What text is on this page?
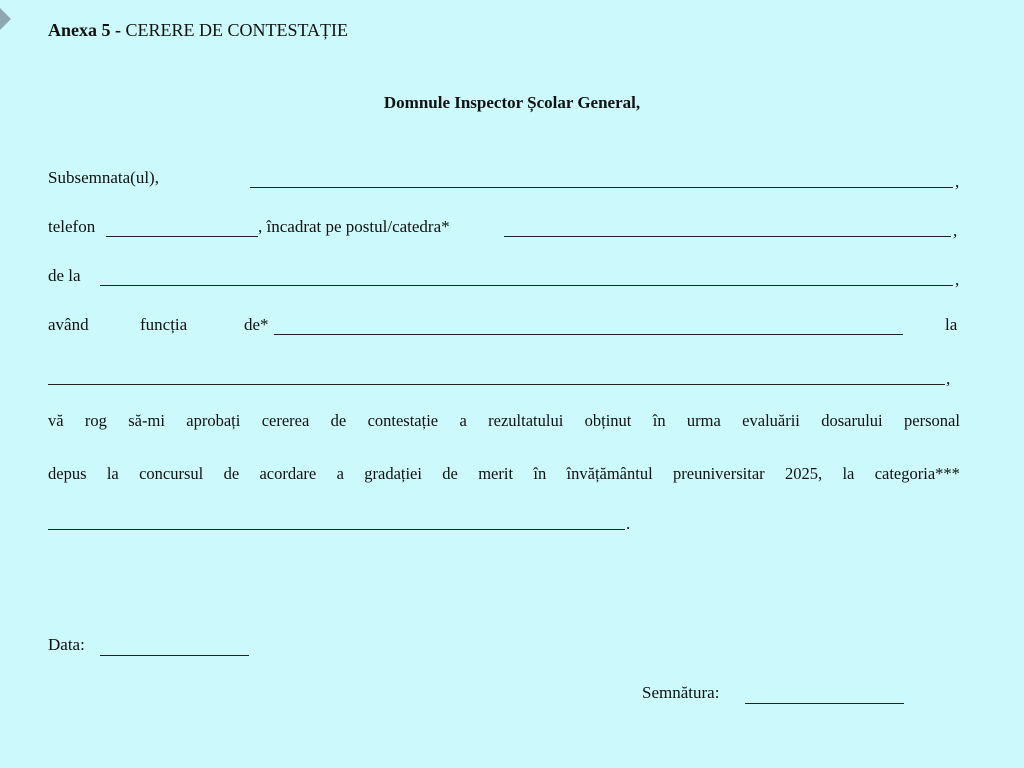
Anexa 5 - CERERE DE CONTESTAȚIE
Domnule Inspector Școlar General,
Subsemnata(ul),	,
telefon	, încadrat pe postul/catedra*	,
de la	,
având	funcția	de*	la
,
vă rog să-mi aprobați cererea de contestație a rezultatului obținut în urma evaluării dosarului personal
depus la concursul de acordare a gradației de merit în învățământul preuniversitar 2025, la categoria***
.
Data:
Semnătura:
